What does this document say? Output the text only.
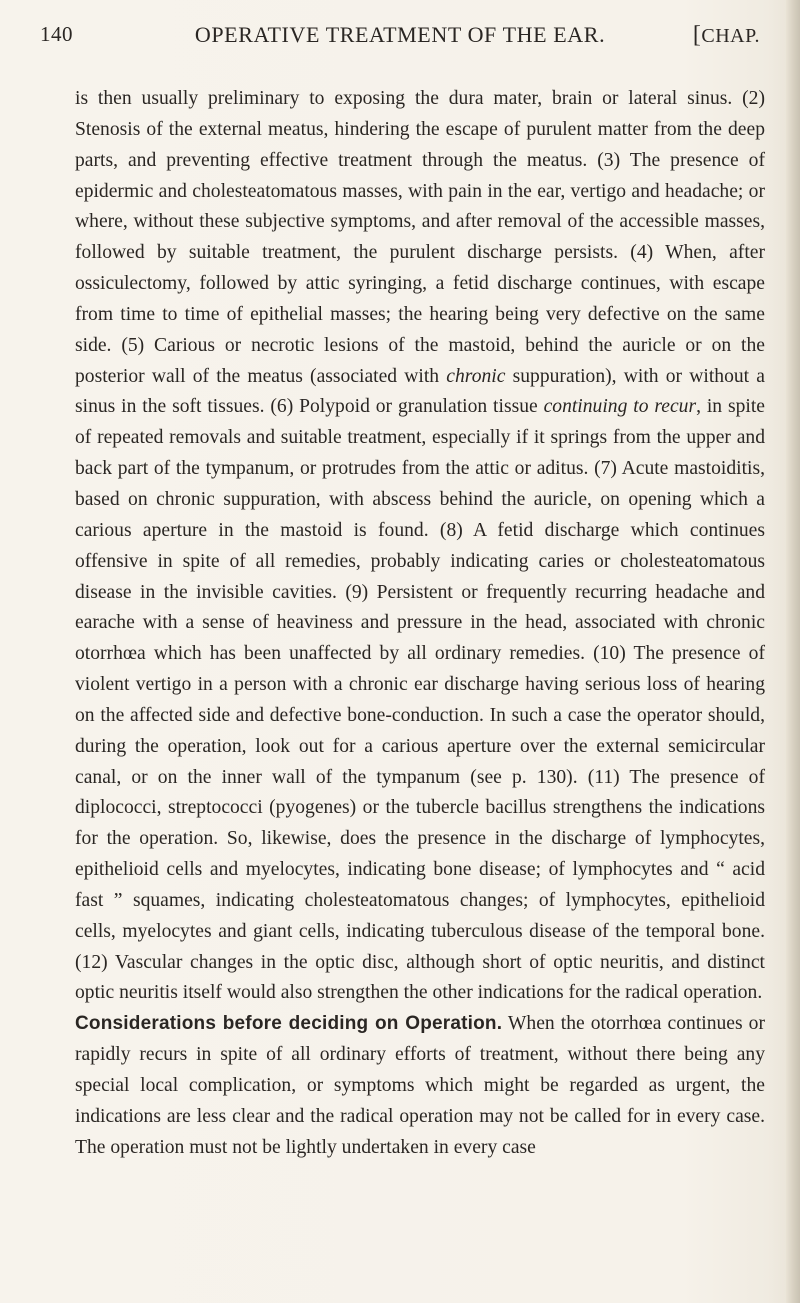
140	OPERATIVE TREATMENT OF THE EAR.
[	CHAP.

is then usually preliminary to exposing the dura mater, brain or lateral sinus. (2) Stenosis of the external meatus, hindering the escape of purulent matter from the deep parts, and preventing effective treatment through the meatus. (3) The presence of epidermic and cholesteatomatous masses, with pain in the ear, vertigo and headache; or where, without these subjective symptoms, and after removal of the accessible masses, followed by suitable treatment, the purulent discharge persists. (4) When, after ossiculectomy, followed by attic syringing, a fetid discharge continues, with escape from time to time of epithelial masses; the hearing being very defective on the same side. (5) Carious or necrotic lesions of the mastoid, behind the auricle or on the posterior wall of the meatus (associated with chronic suppuration), with or without a sinus in the soft tissues. (6) Polypoid or granulation tissue continuing to recur, in spite of repeated removals and suitable treatment, especially if it springs from the upper and back part of the tympanum, or protrudes from the attic or aditus. (7) Acute mastoiditis, based on chronic suppuration, with abscess behind the auricle, on opening which a carious aperture in the mastoid is found. (8) A fetid discharge which continues offensive in spite of all remedies, probably indicating caries or cholesteatomatous disease in the invisible cavities. (9) Persistent or frequently recurring headache and earache with a sense of heaviness and pressure in the head, associated with chronic otorrhœa which has been unaffected by all ordinary remedies. (10) The presence of violent vertigo in a person with a chronic ear discharge having serious loss of hearing on the affected side and defective bone-conduction. In such a case the operator should, during the operation, look out for a carious aperture over the external semicircular canal, or on the inner wall of the tympanum (see p. 130). (11) The presence of diplococci, streptococci (pyogenes) or the tubercle bacillus strengthens the indications for the operation. So, likewise, does the presence in the discharge of lymphocytes, epithelioid cells and myelocytes, indicating bone disease; of lymphocytes and “ acid fast ” squames, indicating cholesteatomatous changes; of lymphocytes, epithelioid cells, myelocytes and giant cells, indicating tuberculous disease of the temporal bone. (12) Vascular changes in the optic disc, although short of optic neuritis, and distinct optic neuritis itself would also strengthen the other indications for the radical operation.

Considerations before deciding on Operation. When the otorrhœa continues or rapidly recurs in spite of all ordinary efforts of treatment, without there being any special local complication, or symptoms which might be regarded as urgent, the indications are less clear and the radical operation may not be called for in every case. The operation must not be lightly undertaken in every case
